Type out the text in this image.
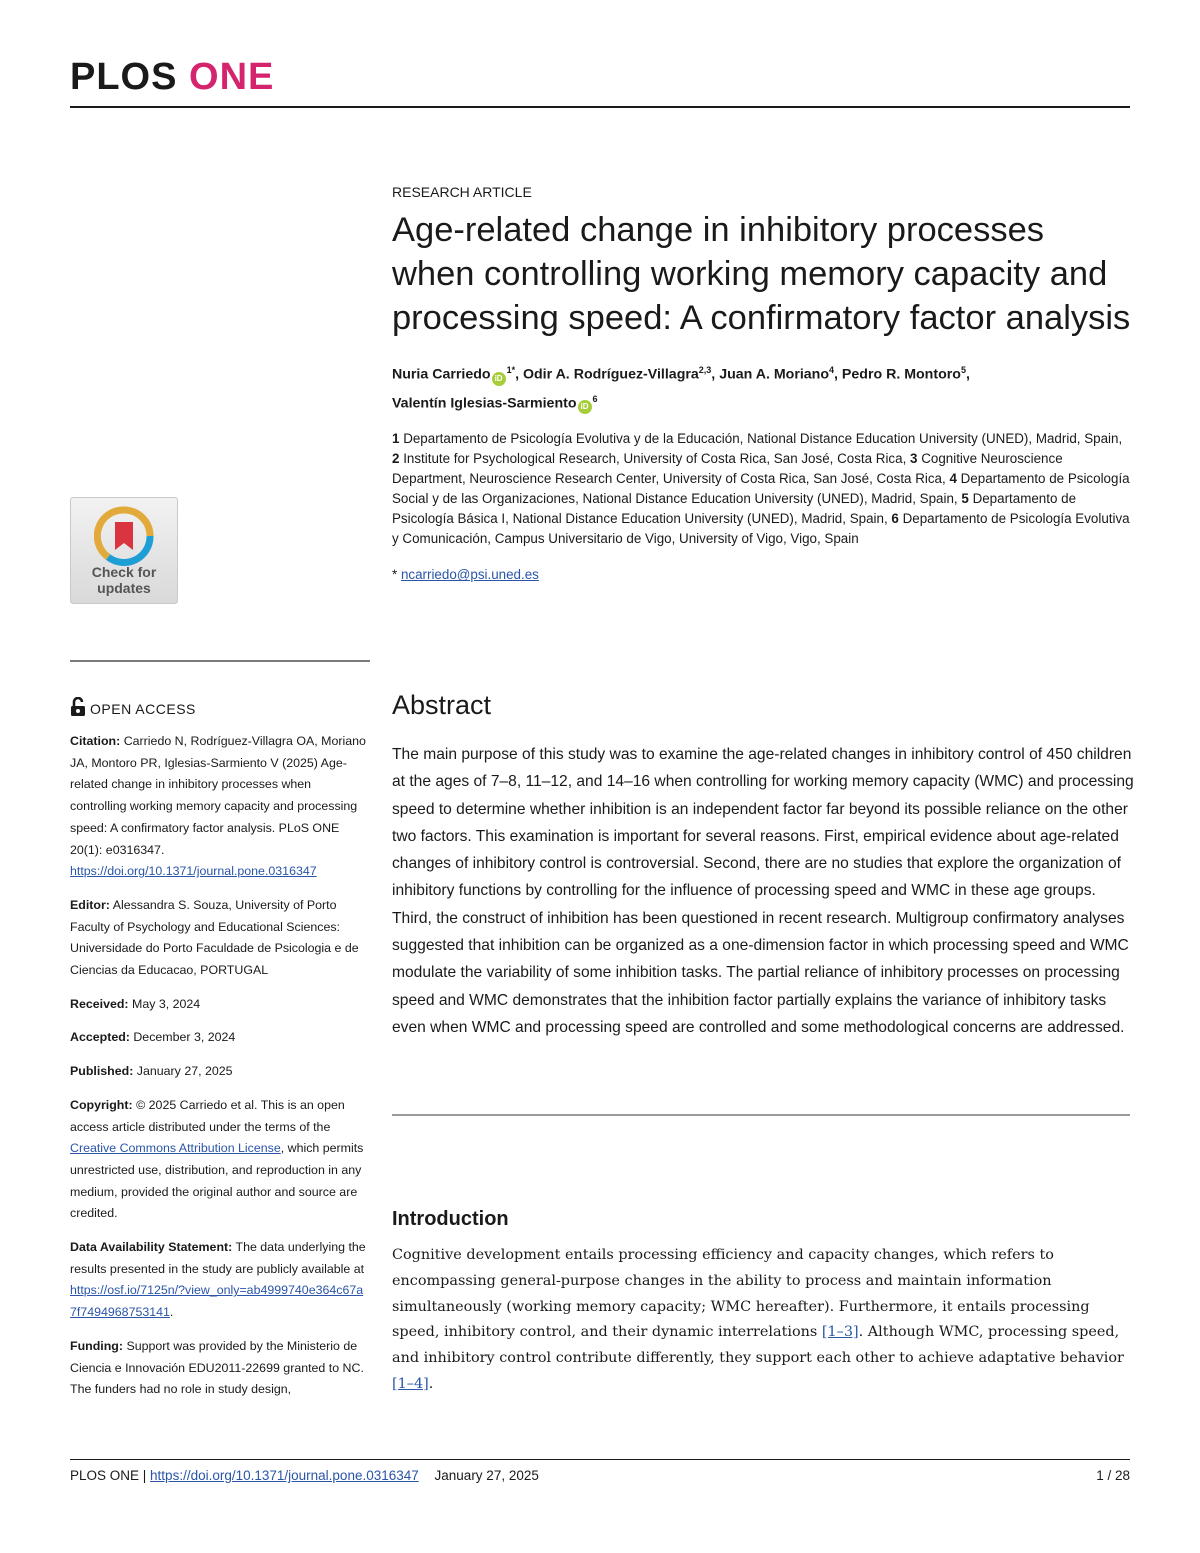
PLOS ONE
Check for
updates
OPEN ACCESS
Citation: Carriedo N, Rodríguez-Villagra OA, Moriano JA, Montoro PR, Iglesias-Sarmiento V (2025) Age-related change in inhibitory processes when controlling working memory capacity and processing speed: A confirmatory factor analysis. PLoS ONE 20(1): e0316347. https://doi.org/10.1371/journal.pone.0316347
Editor: Alessandra S. Souza, University of Porto Faculty of Psychology and Educational Sciences: Universidade do Porto Faculdade de Psicologia e de Ciencias da Educacao, PORTUGAL
Received: May 3, 2024
Accepted: December 3, 2024
Published: January 27, 2025
Copyright: © 2025 Carriedo et al. This is an open access article distributed under the terms of the Creative Commons Attribution License, which permits unrestricted use, distribution, and reproduction in any medium, provided the original author and source are credited.
Data Availability Statement: The data underlying the results presented in the study are publicly available at https://osf.io/7125n/?view_only=ab4999740e364c67a7f7494968753141.
Funding: Support was provided by the Ministerio de Ciencia e Innovación EDU2011-22699 granted to NC. The funders had no role in study design,
RESEARCH ARTICLE
Age-related change in inhibitory processes when controlling working memory capacity and processing speed: A confirmatory factor analysis
Nuria Carriedo $iD^{1*}$, Odir A. Rodríguez-Villagra$^{2,3}$, Juan A. Moriano$^4$, Pedro R. Montoro$^5$,
Valentín Iglesias-Sarmiento $iD^6$
1 Departamento de Psicología Evolutiva y de la Educación, National Distance Education University (UNED), Madrid, Spain, 2 Institute for Psychological Research, University of Costa Rica, San José, Costa Rica, 3 Cognitive Neuroscience Department, Neuroscience Research Center, University of Costa Rica, San José, Costa Rica, 4 Departamento de Psicología Social y de las Organizaciones, National Distance Education University (UNED), Madrid, Spain, 5 Departamento de Psicología Básica I, National Distance Education University (UNED), Madrid, Spain, 6 Departamento de Psicología Evolutiva y Comunicación, Campus Universitario de Vigo, University of Vigo, Vigo, Spain
* ncarriedo@psi.uned.es
Abstract
The main purpose of this study was to examine the age-related changes in inhibitory control of 450 children at the ages of 7–8, 11–12, and 14–16 when controlling for working memory capacity (WMC) and processing speed to determine whether inhibition is an independent factor far beyond its possible reliance on the other two factors. This examination is important for several reasons. First, empirical evidence about age-related changes of inhibitory control is controversial. Second, there are no studies that explore the organization of inhibitory functions by controlling for the influence of processing speed and WMC in these age groups. Third, the construct of inhibition has been questioned in recent research. Multigroup confirmatory analyses suggested that inhibition can be organized as a one-dimension factor in which processing speed and WMC modulate the variability of some inhibition tasks. The partial reliance of inhibitory processes on processing speed and WMC demonstrates that the inhibition factor partially explains the variance of inhibitory tasks even when WMC and processing speed are controlled and some methodological concerns are addressed.
Introduction
Cognitive development entails processing efficiency and capacity changes, which refers to encompassing general-purpose changes in the ability to process and maintain information simultaneously (working memory capacity; WMC hereafter). Furthermore, it entails processing speed, inhibitory control, and their dynamic interrelations [1–3]. Although WMC, processing speed, and inhibitory control contribute differently, they support each other to achieve adaptative behavior [1–4].
PLOS ONE | https://doi.org/10.1371/journal.pone.0316347 January 27, 2025	1 / 28
